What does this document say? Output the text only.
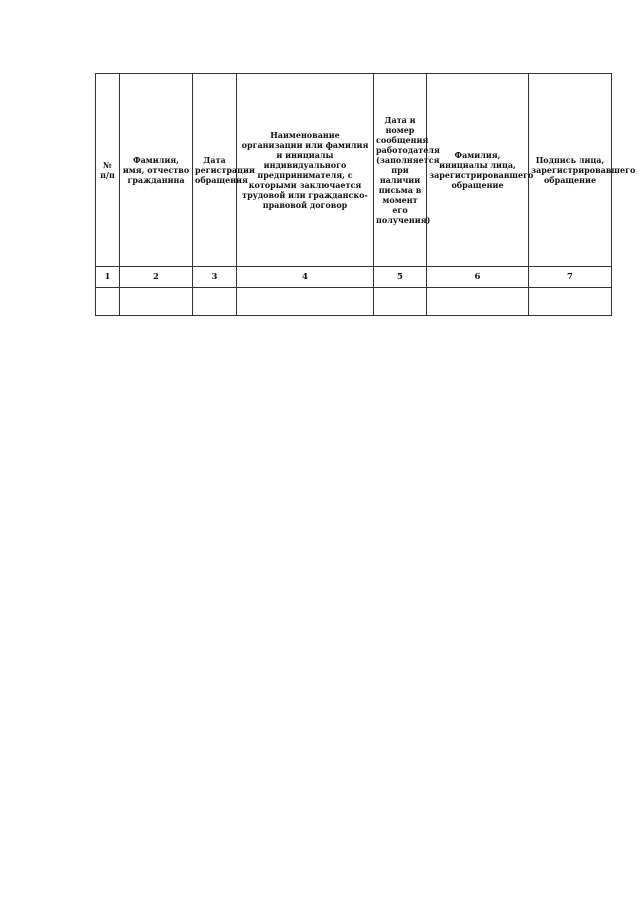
№ п/п	Фамилия, имя, отчество гражданина	Дата регистрации обращения	Наименование организации или фамилия и инициалы индивидуального предпринимателя, с которыми заключается трудовой или гражданско-правовой договор	Дата и номер сообщения работодателя (заполняется при наличии письма в момент его получения)	Фамилия, инициалы лица, зарегистрировавшего обращение	Подпись лица, зарегистрировавшего обращение

1	2	3	4	5	6	7
